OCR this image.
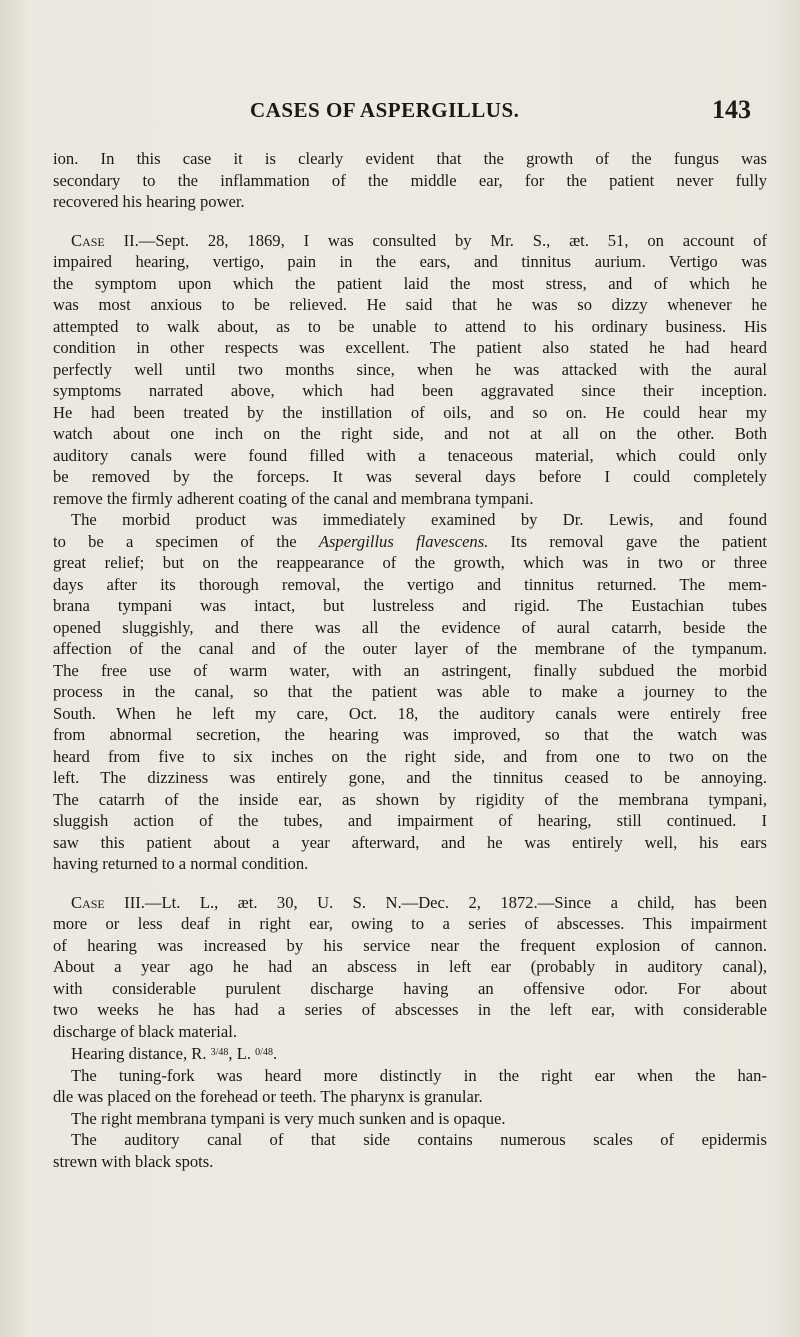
CASES OF ASPERGILLUS.	143
ion. In this case it is clearly evident that the growth of the fungus was
secondary to the inflammation of the middle ear, for the patient never fully
recovered his hearing power.
Case II.—Sept. 28, 1869, I was consulted by Mr. S., æt. 51, on account of
impaired hearing, vertigo, pain in the ears, and tinnitus aurium. Vertigo was
the symptom upon which the patient laid the most stress, and of which he
was most anxious to be relieved. He said that he was so dizzy whenever he
attempted to walk about, as to be unable to attend to his ordinary business. His
condition in other respects was excellent. The patient also stated he had heard
perfectly well until two months since, when he was attacked with the aural
symptoms narrated above, which had been aggravated since their inception.
He had been treated by the instillation of oils, and so on. He could hear my
watch about one inch on the right side, and not at all on the other. Both
auditory canals were found filled with a tenaceous material, which could only
be removed by the forceps. It was several days before I could completely
remove the firmly adherent coating of the canal and membrana tympani.
The morbid product was immediately examined by Dr. Lewis, and found
to be a specimen of the Aspergillus flavescens. Its removal gave the patient
great relief; but on the reappearance of the growth, which was in two or three
days after its thorough removal, the vertigo and tinnitus returned. The mem-
brana tympani was intact, but lustreless and rigid. The Eustachian tubes
opened sluggishly, and there was all the evidence of aural catarrh, beside the
affection of the canal and of the outer layer of the membrane of the tympanum.
The free use of warm water, with an astringent, finally subdued the morbid
process in the canal, so that the patient was able to make a journey to the
South. When he left my care, Oct. 18, the auditory canals were entirely free
from abnormal secretion, the hearing was improved, so that the watch was
heard from five to six inches on the right side, and from one to two on the
left. The dizziness was entirely gone, and the tinnitus ceased to be annoying.
The catarrh of the inside ear, as shown by rigidity of the membrana tympani,
sluggish action of the tubes, and impairment of hearing, still continued. I
saw this patient about a year afterward, and he was entirely well, his ears
having returned to a normal condition.
Case III.—Lt. L., æt. 30, U. S. N.—Dec. 2, 1872.—Since a child, has been
more or less deaf in right ear, owing to a series of abscesses. This impairment
of hearing was increased by his service near the frequent explosion of cannon.
About a year ago he had an abscess in left ear (probably in auditory canal),
with considerable purulent discharge having an offensive odor. For about
two weeks he has had a series of abscesses in the left ear, with considerable
discharge of black material.
Hearing distance, R. $^{3/48}$, L. $^{0/48}$.
The tuning-fork was heard more distinctly in the right ear when the han-
dle was placed on the forehead or teeth. The pharynx is granular.
The right membrana tympani is very much sunken and is opaque.
The auditory canal of that side contains numerous scales of epidermis
strewn with black spots.
